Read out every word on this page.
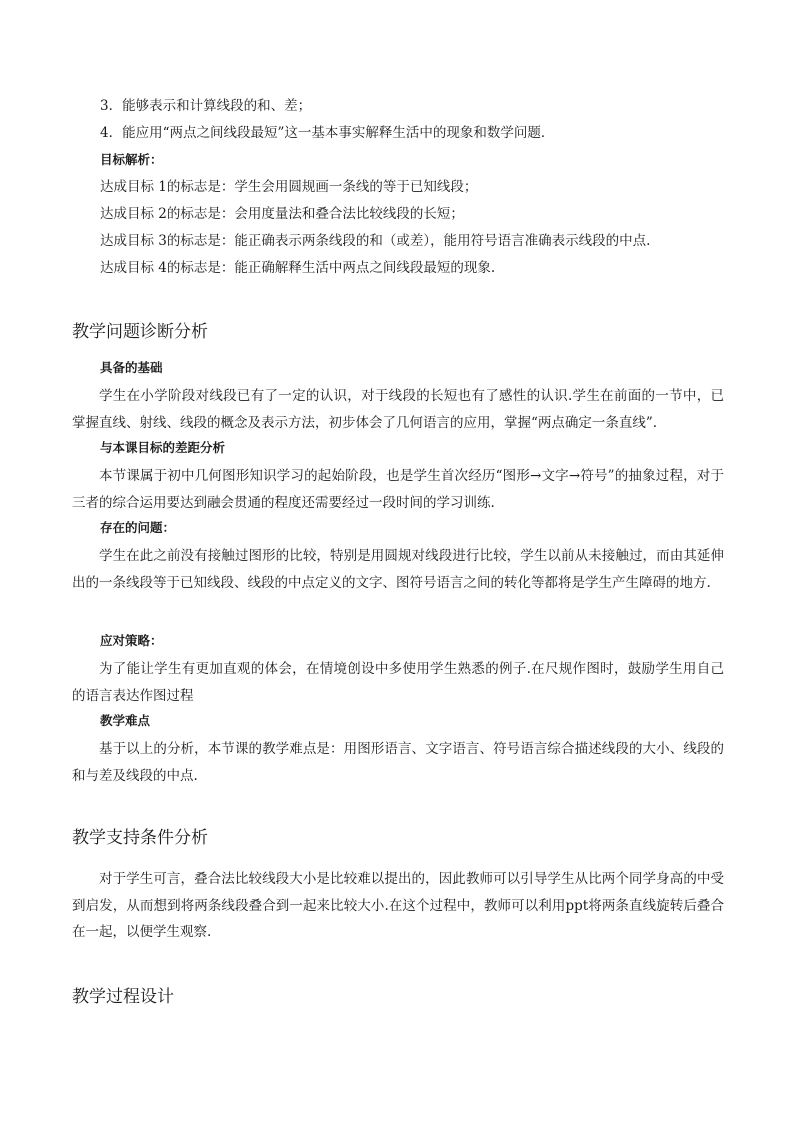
3．能够表示和计算线段的和、差；
4．能应用“两点之间线段最短”这一基本事实解释生活中的现象和数学问题．
目标解析：
达成目标 1的标志是：学生会用圆规画一条线的等于已知线段；
达成目标 2的标志是：会用度量法和叠合法比较线段的长短；
达成目标 3的标志是：能正确表示两条线段的和（或差），能用符号语言准确表示线段的中点.
达成目标 4的标志是：能正确解释生活中两点之间线段最短的现象.
教学问题诊断分析
具备的基础
学生在小学阶段对线段已有了一定的认识，对于线段的长短也有了感性的认识.学生在前面的一节中，已掌握直线、射线、线段的概念及表示方法，初步体会了几何语言的应用，掌握“两点确定一条直线”.
与本课目标的差距分析
本节课属于初中几何图形知识学习的起始阶段，也是学生首次经历“图形→文字→符号”的抽象过程，对于三者的综合运用要达到融会贯通的程度还需要经过一段时间的学习训练.
存在的问题：
学生在此之前没有接触过图形的比较，特别是用圆规对线段进行比较，学生以前从未接触过，而由其延伸出的一条线段等于已知线段、线段的中点定义的文字、图符号语言之间的转化等都将是学生产生障碍的地方.
应对策略：
为了能让学生有更加直观的体会，在情境创设中多使用学生熟悉的例子.在尺规作图时，鼓励学生用自己的语言表达作图过程
教学难点
基于以上的分析，本节课的教学难点是：用图形语言、文字语言、符号语言综合描述线段的大小、线段的和与差及线段的中点.
教学支持条件分析
对于学生可言，叠合法比较线段大小是比较难以提出的，因此教师可以引导学生从比两个同学身高的中受到启发，从而想到将两条线段叠合到一起来比较大小.在这个过程中，教师可以利用ppt将两条直线旋转后叠合在一起，以便学生观察.
教学过程设计
